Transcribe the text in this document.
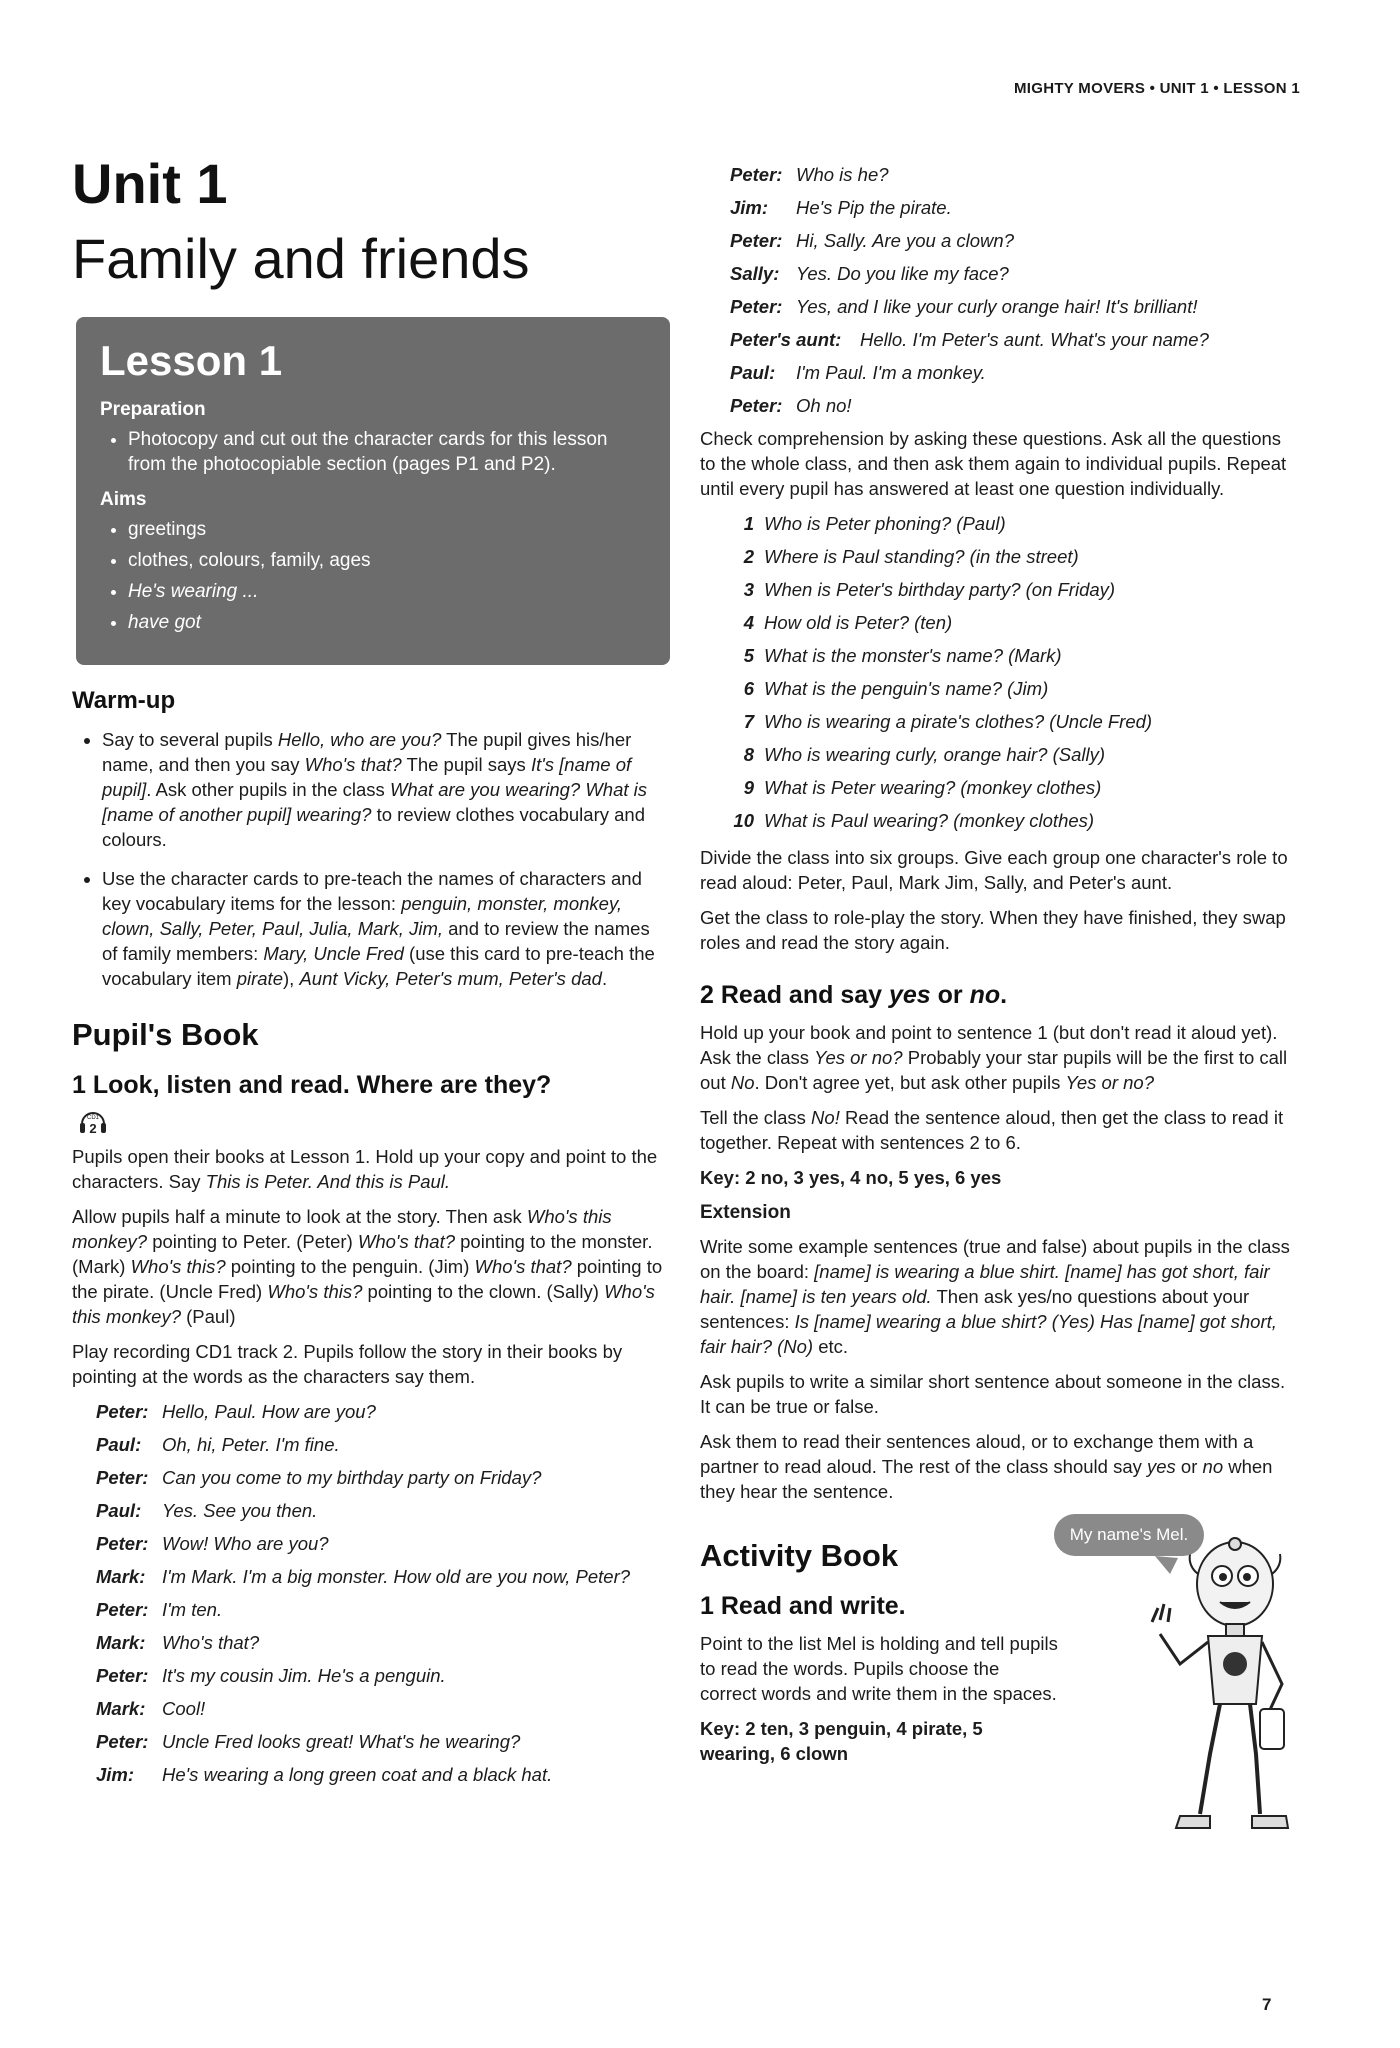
MIGHTY MOVERS • UNIT 1 • LESSON 1
Unit 1
Family and friends
Lesson 1
Preparation
• Photocopy and cut out the character cards for this lesson from the photocopiable section (pages P1 and P2).
Aims
• greetings
• clothes, colours, family, ages
• He's wearing ...
• have got
Warm-up
• Say to several pupils Hello, who are you? The pupil gives his/her name, and then you say Who's that? The pupil says It's [name of pupil]. Ask other pupils in the class What are you wearing? What is [name of another pupil] wearing? to review clothes vocabulary and colours.
• Use the character cards to pre-teach the names of characters and key vocabulary items for the lesson: penguin, monster, monkey, clown, Sally, Peter, Paul, Julia, Mark, Jim, and to review the names of family members: Mary, Uncle Fred (use this card to pre-teach the vocabulary item pirate), Aunt Vicky, Peter's mum, Peter's dad.
Pupil's Book
1 Look, listen and read. Where are they?
CD1
2

Pupils open their books at Lesson 1. Hold up your copy and point to the characters. Say This is Peter. And this is Paul.

Allow pupils half a minute to look at the story. Then ask Who's this monkey? pointing to Peter. (Peter) Who's that? pointing to the monster. (Mark) Who's this? pointing to the penguin. (Jim) Who's that? pointing to the pirate. (Uncle Fred) Who's this? pointing to the clown. (Sally) Who's this monkey? (Paul)

Play recording CD1 track 2. Pupils follow the story in their books by pointing at the words as the characters say them.

Peter: Hello, Paul. How are you?
Paul:	Oh, hi, Peter. I'm fine.
Peter: Can you come to my birthday party on Friday?
Paul:	Yes. See you then.
Peter: Wow! Who are you?
Mark: I'm Mark. I'm a big monster. How old are you now, Peter?
Peter: I'm ten.
Mark: Who's that?
Peter: It's my cousin Jim. He's a penguin.
Mark: Cool!
Peter: Uncle Fred looks great! What's he wearing?
Jim:	He's wearing a long green coat and a black hat.
Peter: Who is he?
Jim:	He's Pip the pirate.
Peter: Hi, Sally. Are you a clown?
Sally: Yes. Do you like my face?
Peter: Yes, and I like your curly orange hair! It's brilliant!
Peter's aunt:	Hello. I'm Peter's aunt. What's your name?
Paul:	I'm Paul. I'm a monkey.
Peter: Oh no!

Check comprehension by asking these questions. Ask all the questions to the whole class, and then ask them again to individual pupils. Repeat until every pupil has answered at least one question individually.

1 Who is Peter phoning? (Paul)
2 Where is Paul standing? (in the street)
3 When is Peter's birthday party? (on Friday)
4 How old is Peter? (ten)
5 What is the monster's name? (Mark)
6 What is the penguin's name? (Jim)
7 Who is wearing a pirate's clothes? (Uncle Fred)
8 Who is wearing curly, orange hair? (Sally)
9 What is Peter wearing? (monkey clothes)
10 What is Paul wearing? (monkey clothes)

Divide the class into six groups. Give each group one character's role to read aloud: Peter, Paul, Mark Jim, Sally, and Peter's aunt.

Get the class to role-play the story. When they have finished, they swap roles and read the story again.

2 Read and say yes or no.

Hold up your book and point to sentence 1 (but don't read it aloud yet). Ask the class Yes or no? Probably your star pupils will be the first to call out No. Don't agree yet, but ask other pupils Yes or no?

Tell the class No! Read the sentence aloud, then get the class to read it together. Repeat with sentences 2 to 6.

Key: 2 no, 3 yes, 4 no, 5 yes, 6 yes
Extension

Write some example sentences (true and false) about pupils in the class on the board: [name] is wearing a blue shirt. [name] has got short, fair hair. [name] is ten years old. Then ask yes/no questions about your sentences: Is [name] wearing a blue shirt? (Yes) Has [name] got short, fair hair? (No) etc.

Ask pupils to write a similar short sentence about someone in the class. It can be true or false.

Ask them to read their sentences aloud, or to exchange them with a partner to read aloud. The rest of the class should say yes or no when they hear the sentence.

Activity Book
1 Read and write.

Point to the list Mel is holding and tell pupils to read the words. Pupils choose the correct words and write them in the spaces.

Key: 2 ten, 3 penguin, 4 pirate, 5 wearing, 6 clown
My name's Mel.
7
